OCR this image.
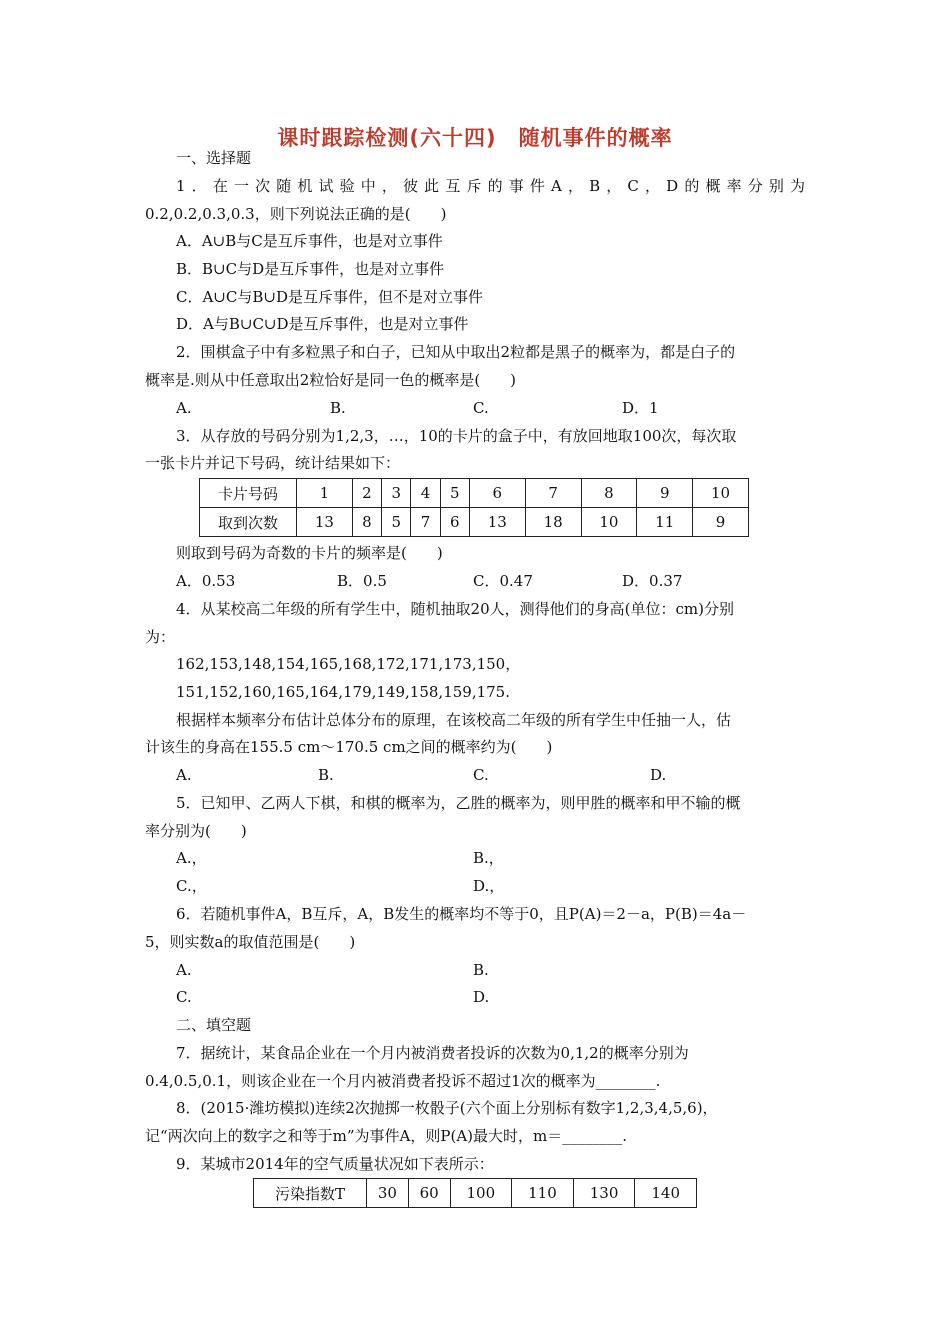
课时跟踪检测(六十四)　随机事件的概率
一、选择题
1．在一次随机试验中，彼此互斥的事件A，B，C，D的概率分别为
0.2,0.2,0.3,0.3，则下列说法正确的是(　　)
A．A∪B与C是互斥事件，也是对立事件
B．B∪C与D是互斥事件，也是对立事件
C．A∪C与B∪D是互斥事件，但不是对立事件
D．A与B∪C∪D是互斥事件，也是对立事件
2．围棋盒子中有多粒黑子和白子，已知从中取出2粒都是黑子的概率为，都是白子的
概率是.则从中任意取出2粒恰好是同一色的概率是(　　)
A.	B.	C.	D．1
3．从存放的号码分别为1,2,3，…，10的卡片的盒子中，有放回地取100次，每次取
一张卡片并记下号码，统计结果如下：
卡片号码	1	2	3	4	5	6	7	8	9	10
取到次数	13	8	5	7	6	13	18	10	11	9
则取到号码为奇数的卡片的频率是(　　)
A．0.53	B．0.5	C．0.47	D．0.37
4．从某校高二年级的所有学生中，随机抽取20人，测得他们的身高(单位：cm)分别
为：
162,153,148,154,165,168,172,171,173,150，
151,152,160,165,164,179,149,158,159,175.
根据样本频率分布估计总体分布的原理，在该校高二年级的所有学生中任抽一人，估
计该生的身高在155.5 cm～170.5 cm之间的概率约为(　　)
A.	B.	C.	D.
5．已知甲、乙两人下棋，和棋的概率为，乙胜的概率为，则甲胜的概率和甲不输的概
率分别为(　　)
A.，	B.，
C.，	D.，
6．若随机事件A，B互斥，A，B发生的概率均不等于0，且P(A)＝2－a，P(B)＝4a－
5，则实数a的取值范围是(　　)
A.	B.
C.	D.
二、填空题
7．据统计，某食品企业在一个月内被消费者投诉的次数为0,1,2的概率分别为
0.4,0.5,0.1，则该企业在一个月内被消费者投诉不超过1次的概率为________.
8．(2015·潍坊模拟)连续2次抛掷一枚骰子(六个面上分别标有数字1,2,3,4,5,6)，
记“两次向上的数字之和等于m”为事件A，则P(A)最大时，m＝________.
9．某城市2014年的空气质量状况如下表所示：
污染指数T	30	60	100	110	130	140
